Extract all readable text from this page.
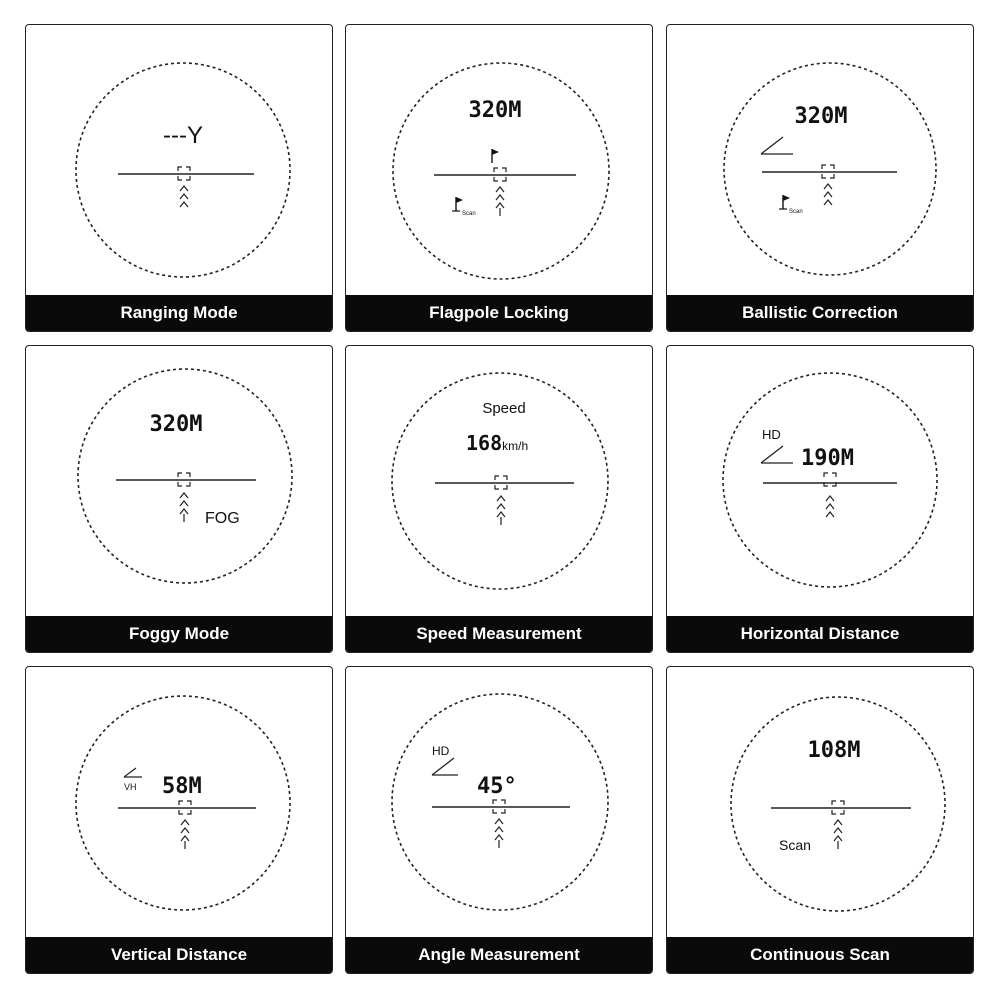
---Y
Ranging Mode
320M
Scan
Flagpole Locking
320M
Scan
Ballistic Correction
320M
FOG
Foggy Mode
Speed
168km/h
Speed Measurement
HD
190M
Horizontal Distance
VH 58M
Vertical Distance
HD
45°
Angle Measurement
108M
Scan
Continuous Scan
